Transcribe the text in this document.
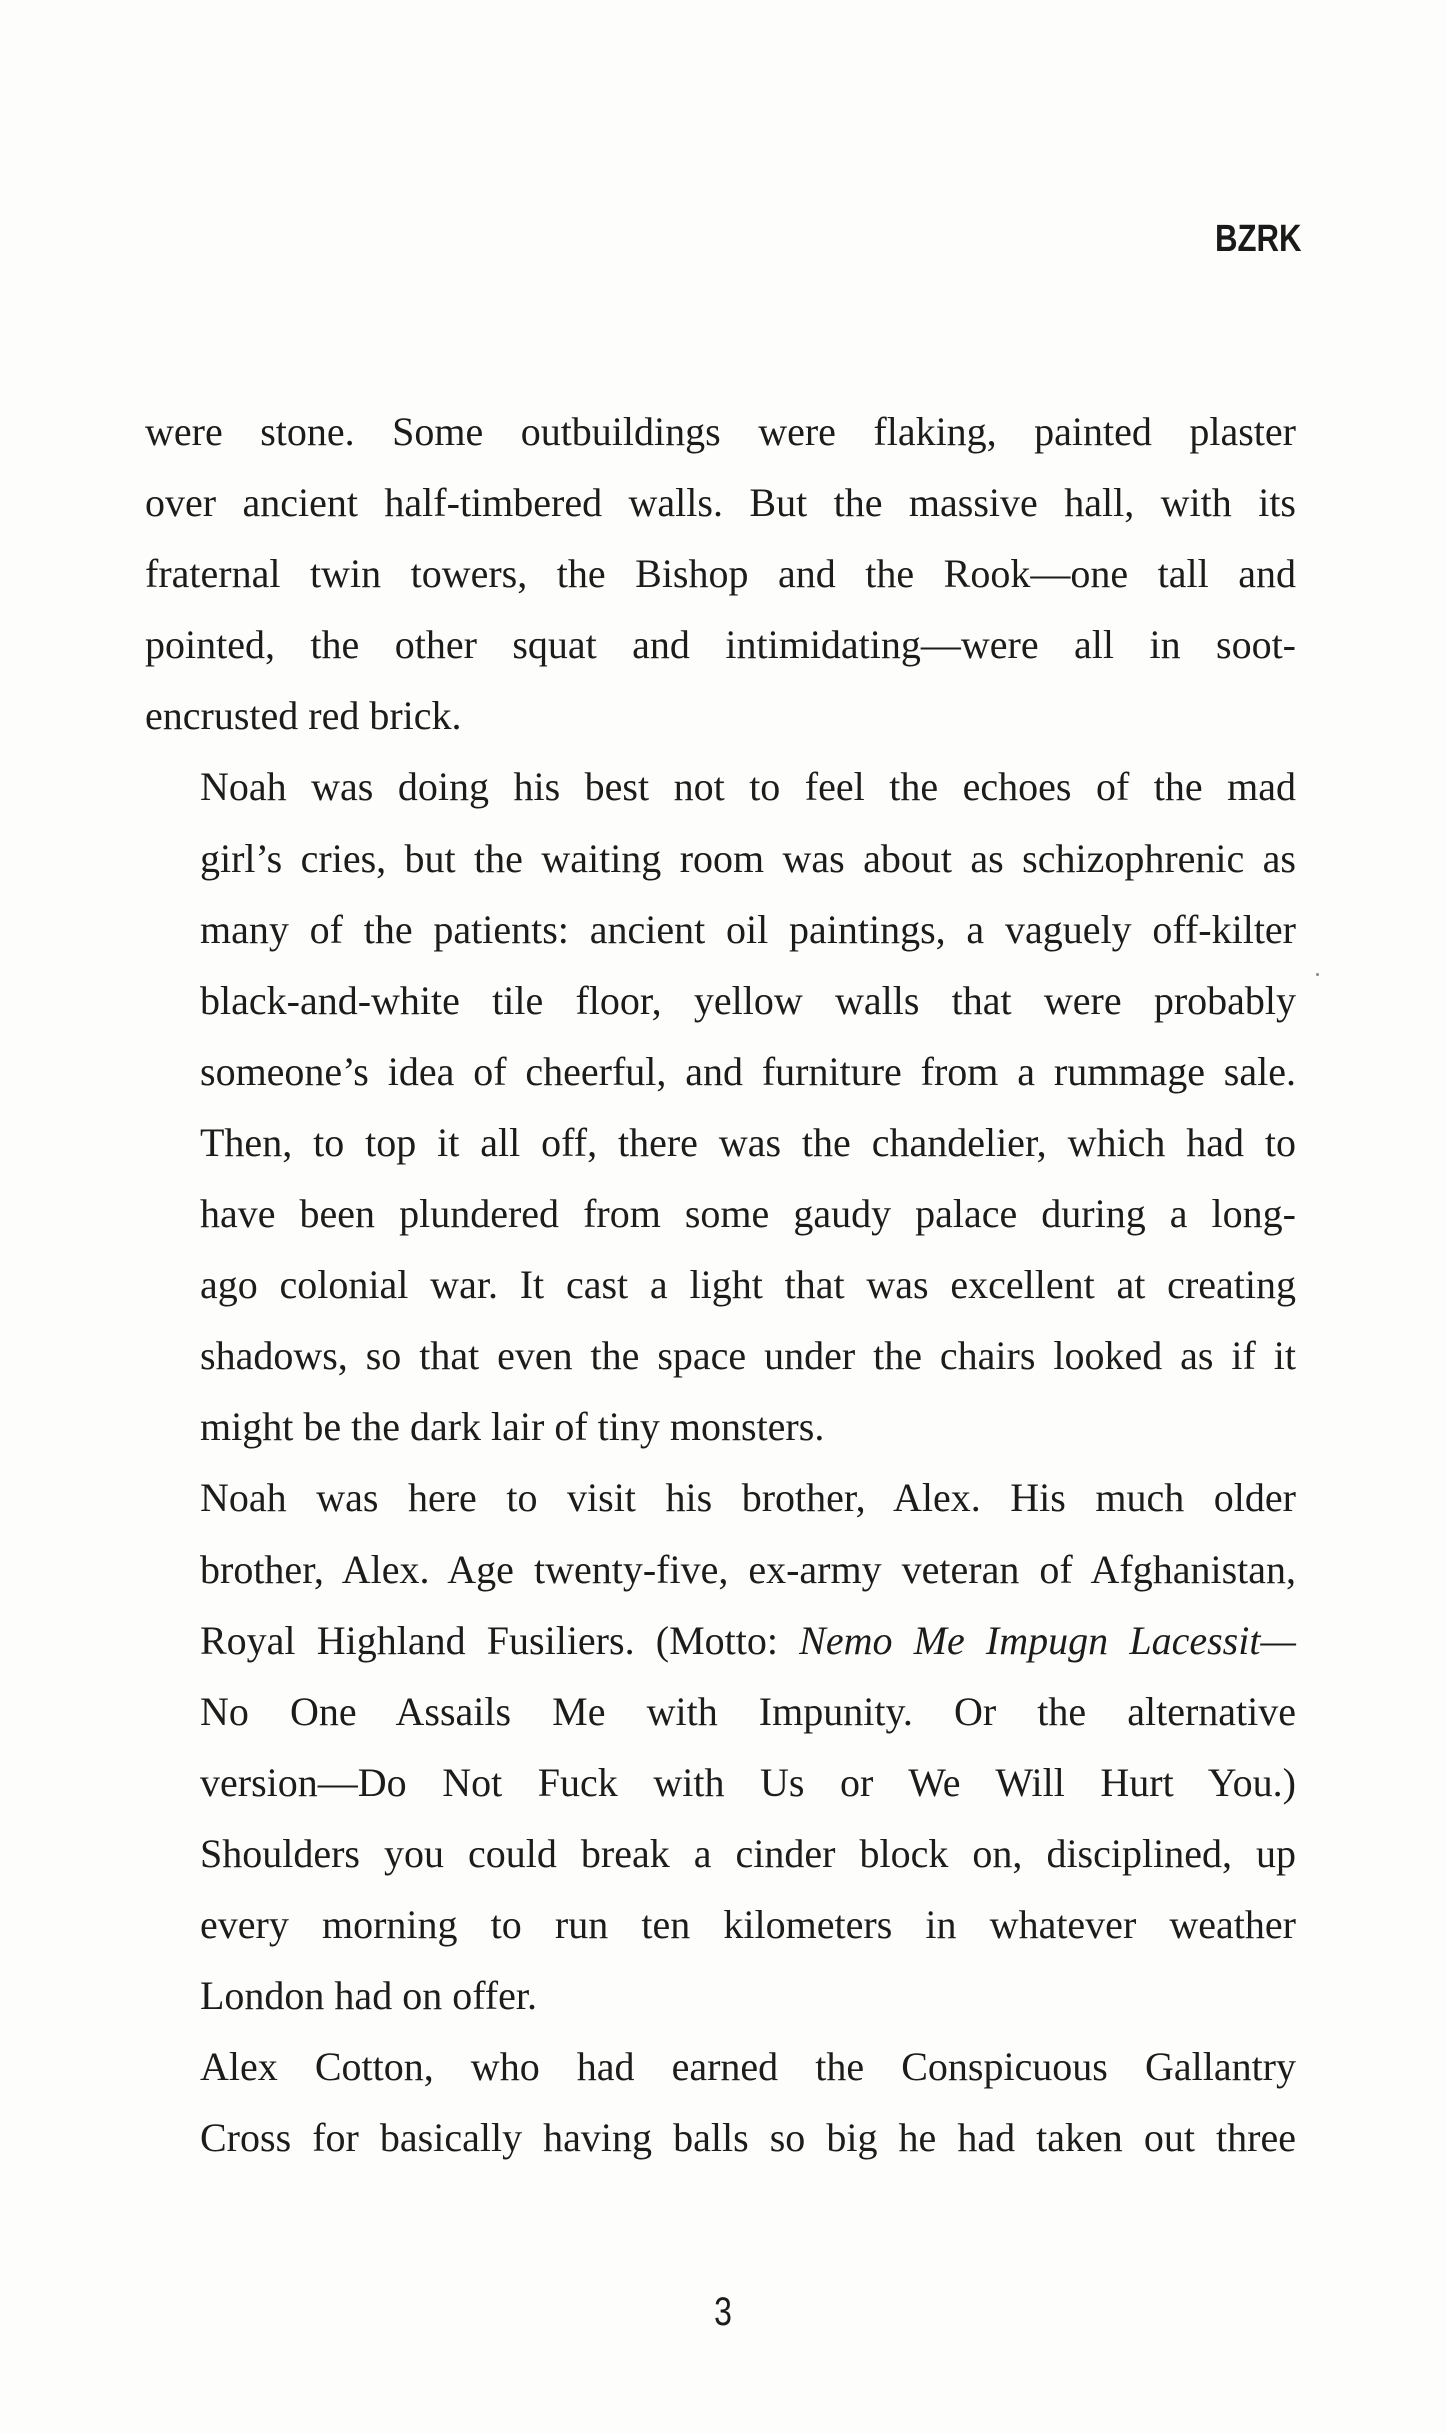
BZRK

were stone. Some outbuildings were flaking, painted plaster
over ancient half-timbered walls. But the massive hall, with its
fraternal twin towers, the Bishop and the Rook—one tall and
pointed, the other squat and intimidating—were all in soot-
encrusted red brick.

Noah was doing his best not to feel the echoes of the mad
girl’s cries, but the waiting room was about as schizophrenic as
many of the patients: ancient oil paintings, a vaguely off-kilter
black-and-white tile floor, yellow walls that were probably
someone’s idea of cheerful, and furniture from a rummage sale.
Then, to top it all off, there was the chandelier, which had to
have been plundered from some gaudy palace during a long-
ago colonial war. It cast a light that was excellent at creating
shadows, so that even the space under the chairs looked as if it
might be the dark lair of tiny monsters.

Noah was here to visit his brother, Alex. His much older
brother, Alex. Age twenty-five, ex-army veteran of Afghanistan,
Royal Highland Fusiliers. (Motto: Nemo Me Impugn Lacessit—
No One Assails Me with Impunity. Or the alternative
version—Do Not Fuck with Us or We Will Hurt You.)
Shoulders you could break a cinder block on, disciplined, up
every morning to run ten kilometers in whatever weather
London had on offer.

Alex Cotton, who had earned the Conspicuous Gallantry
Cross for basically having balls so big he had taken out three

3
